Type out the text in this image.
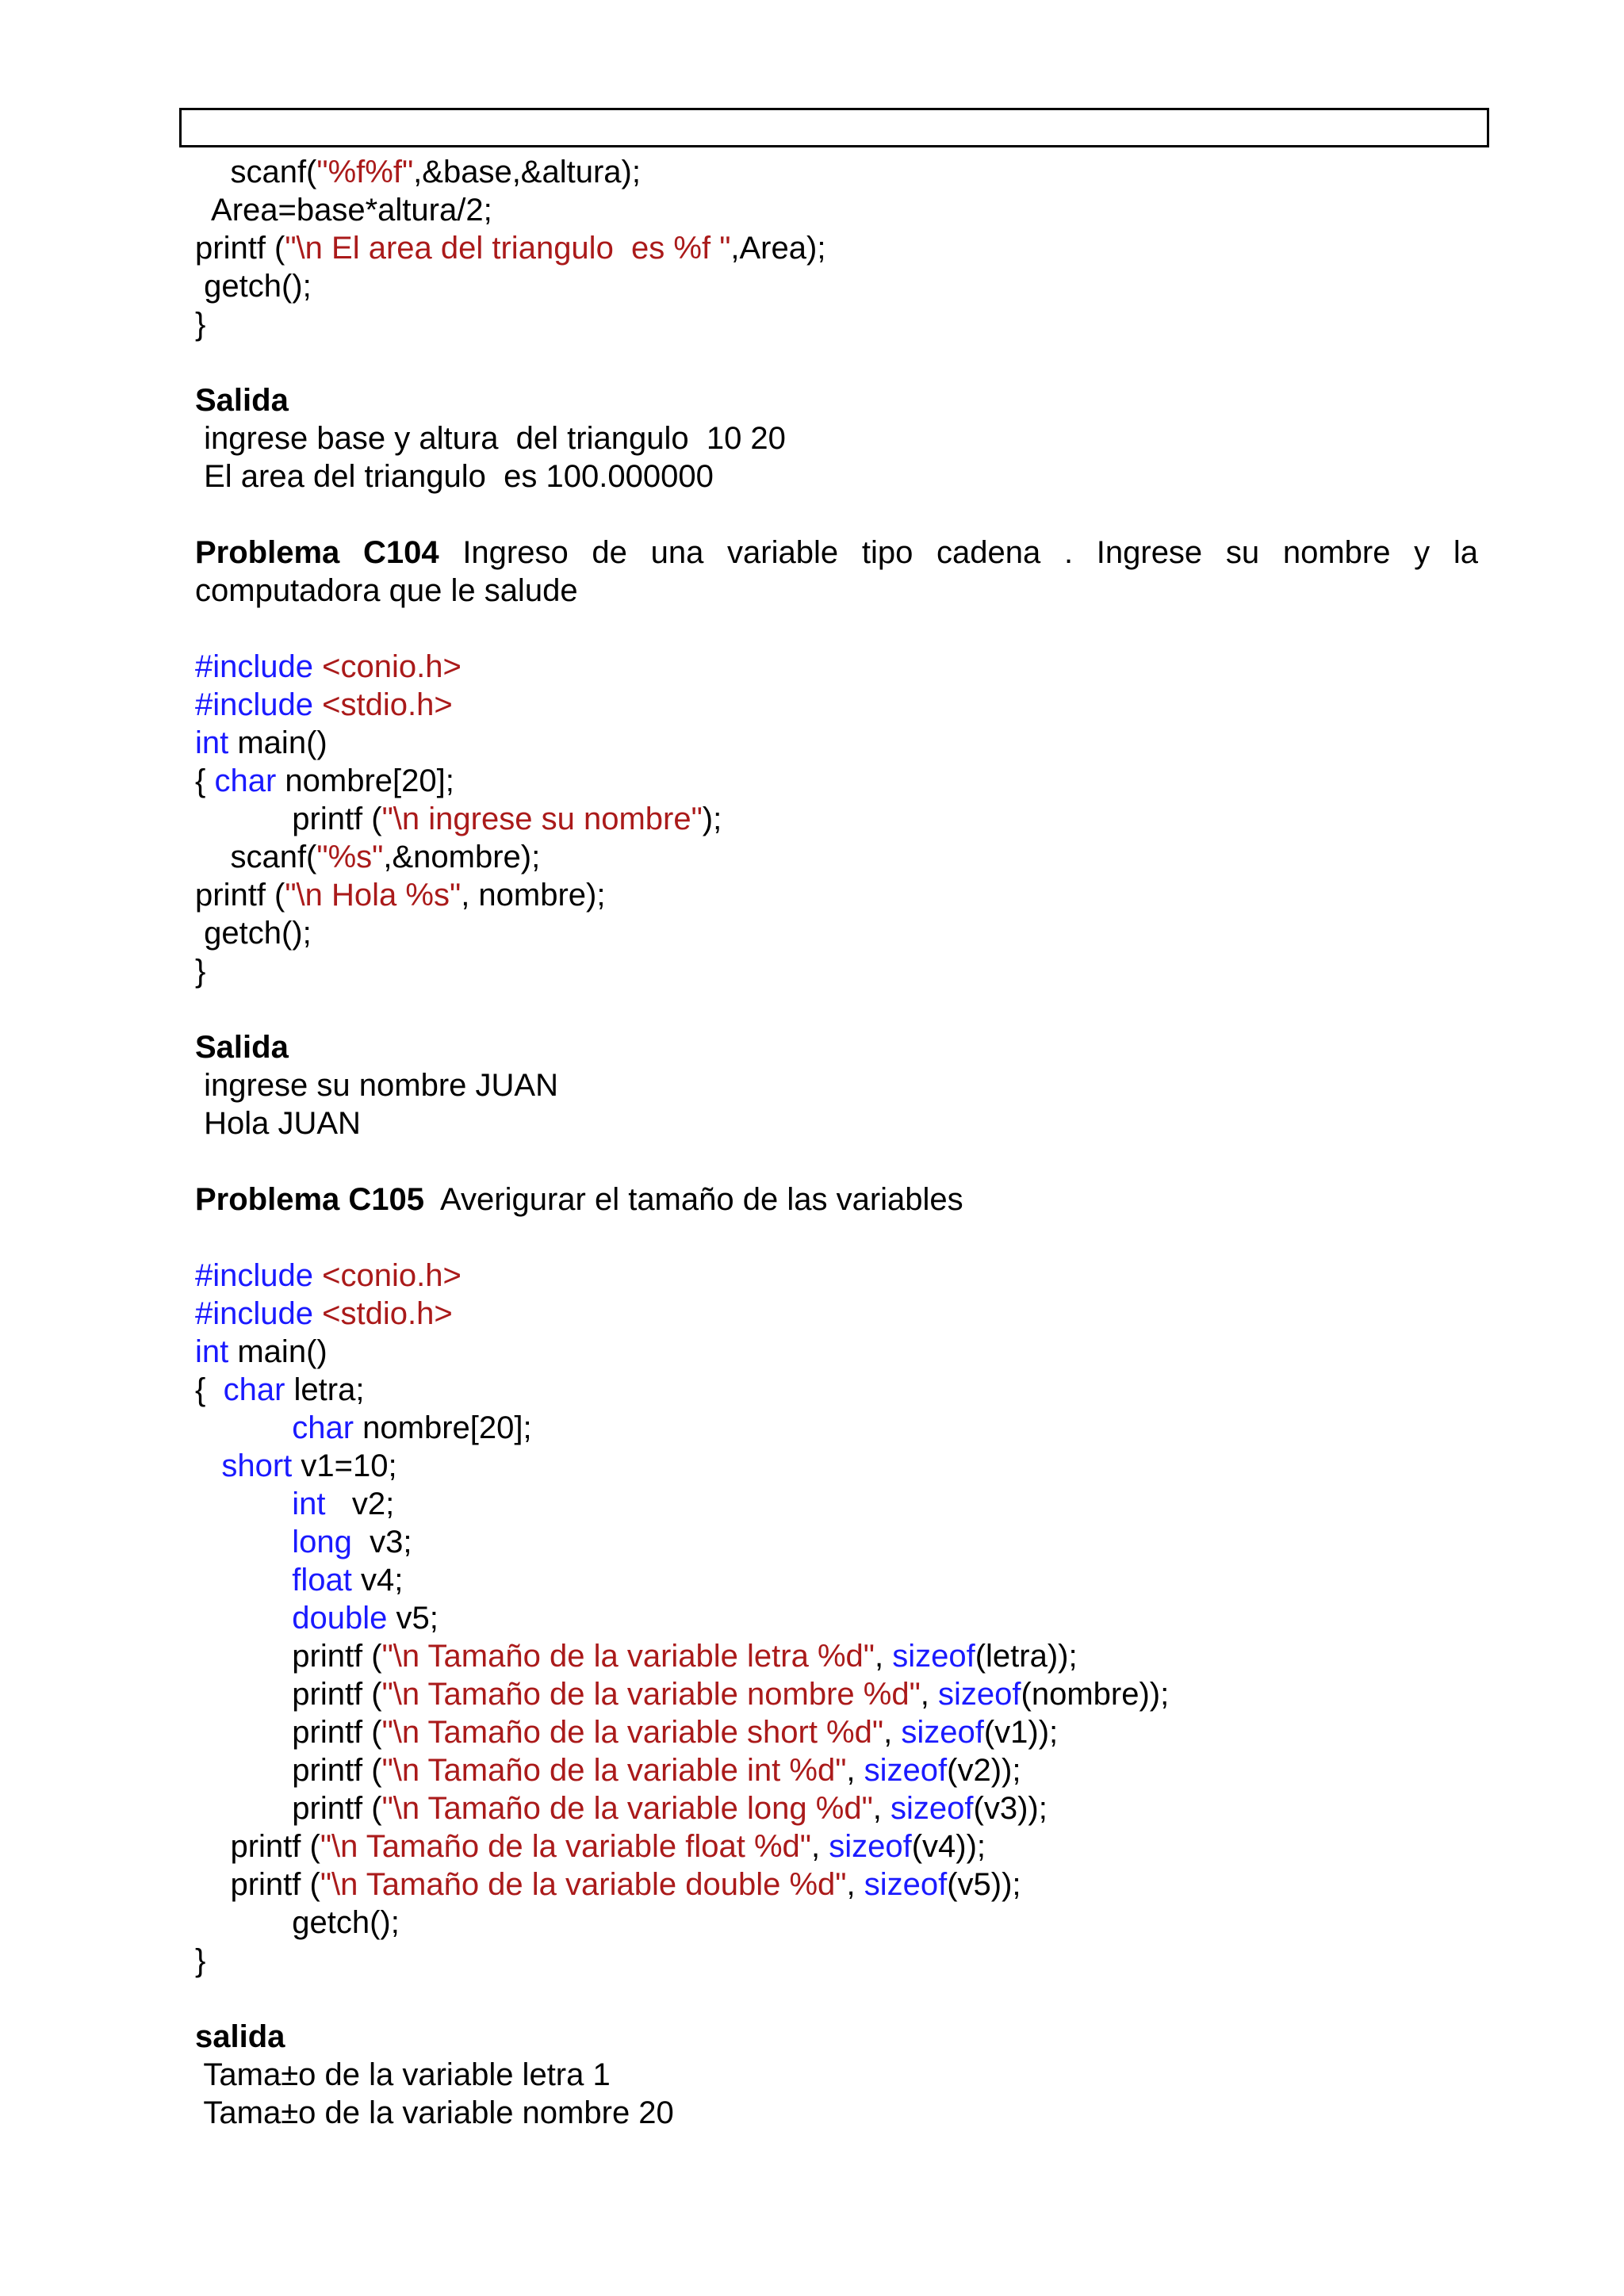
scanf("%f%f",&base,&altura);
Area=base*altura/2;
printf ("\n El area del triangulo  es %f ",Area);
getch();
}
Salida
ingrese base y altura  del triangulo  10 20
El area del triangulo  es 100.000000
Problema C104 Ingreso de una variable tipo cadena . Ingrese su nombre y la
computadora que le salude
#include <conio.h>
#include <stdio.h>
int main()
{ char nombre[20];
printf ("\n ingrese su nombre");
scanf("%s",&nombre);
printf ("\n Hola %s", nombre);
getch();
}
Salida
ingrese su nombre JUAN
Hola JUAN
Problema C105  Averigurar el tamaño de las variables
#include <conio.h>
#include <stdio.h>
int main()
{  char letra;
char nombre[20];
short v1=10;
int   v2;
long  v3;
float v4;
double v5;
printf ("\n Tamaño de la variable letra %d", sizeof(letra));
printf ("\n Tamaño de la variable nombre %d", sizeof(nombre));
printf ("\n Tamaño de la variable short %d", sizeof(v1));
printf ("\n Tamaño de la variable int %d", sizeof(v2));
printf ("\n Tamaño de la variable long %d", sizeof(v3));
printf ("\n Tamaño de la variable float %d", sizeof(v4));
printf ("\n Tamaño de la variable double %d", sizeof(v5));
getch();
}
salida
Tama±o de la variable letra 1
Tama±o de la variable nombre 20
